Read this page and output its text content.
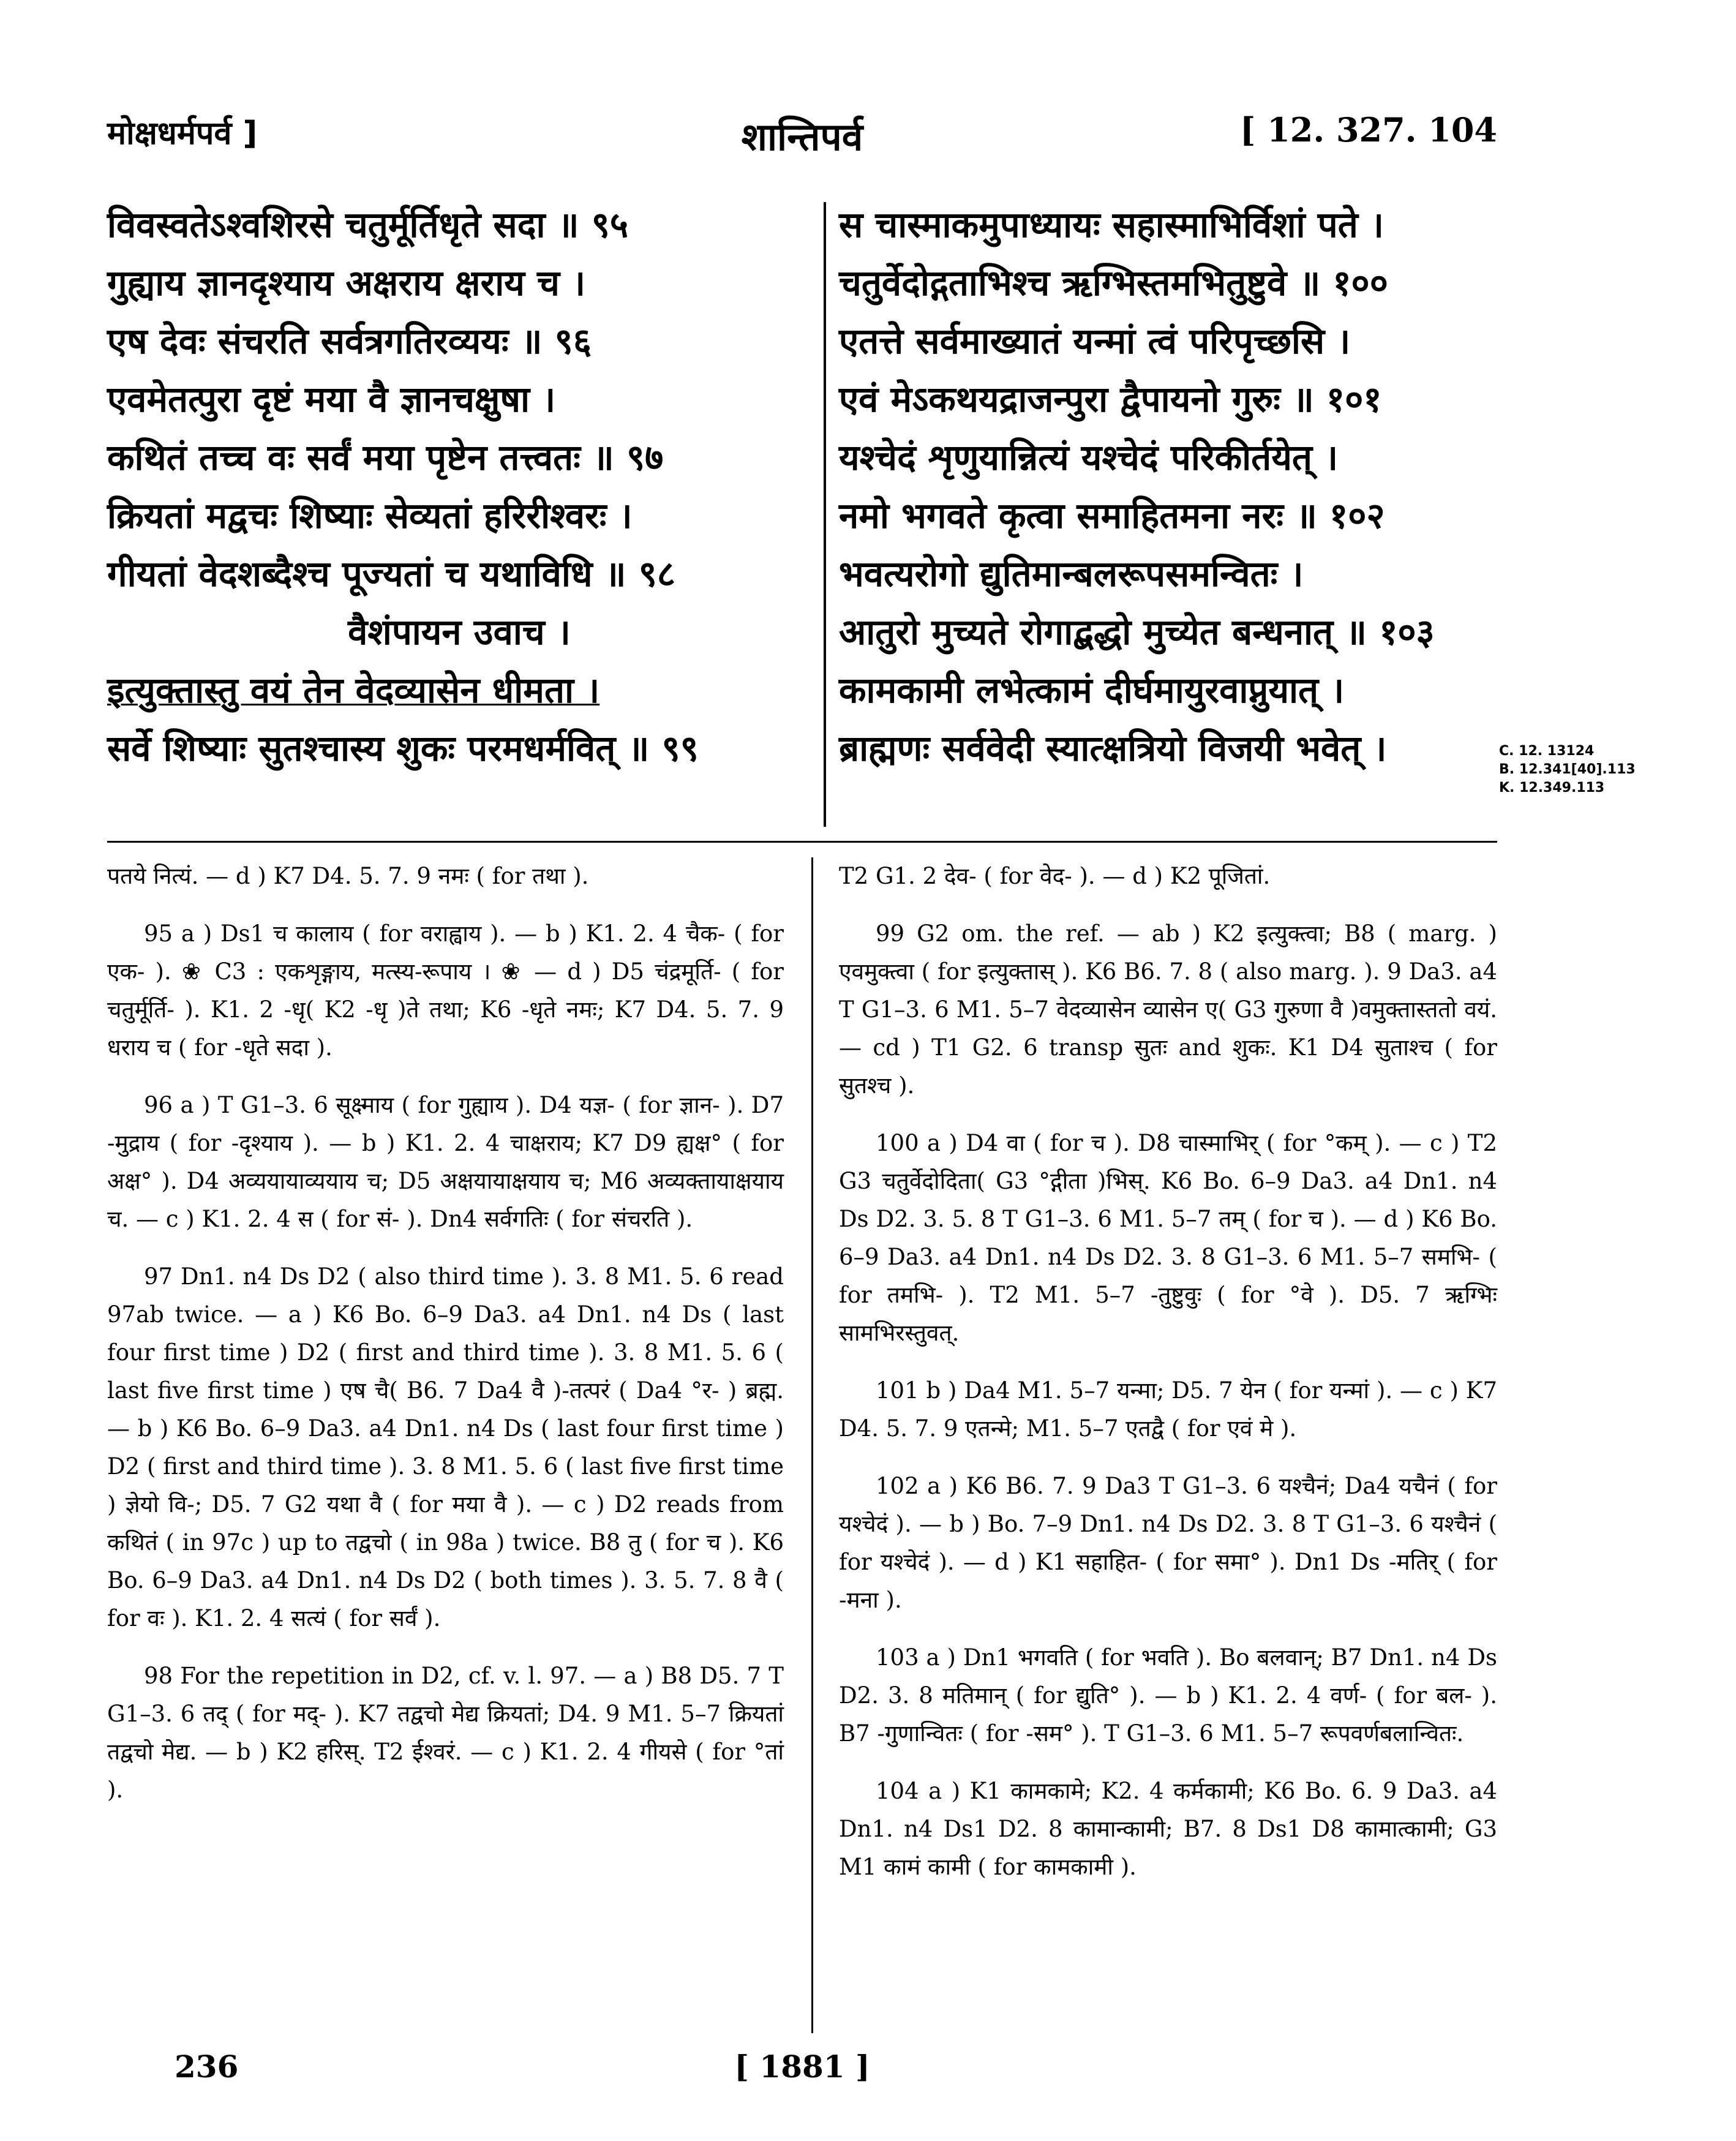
मोक्षधर्मपर्व ]	शान्तिपर्व	[ 12. 327. 104
विवस्वतेऽश्वशिरसे चतुर्मूर्तिधृते सदा ॥ ९५
गुह्याय ज्ञानदृश्याय अक्षराय क्षराय च ।
एष देवः संचरति सर्वत्रगतिरव्ययः ॥ ९६
एवमेतत्पुरा दृष्टं मया वै ज्ञानचक्षुषा ।
कथितं तच्च वः सर्वं मया पृष्टेन तत्त्वतः ॥ ९७
क्रियतां मद्वचः शिष्याः सेव्यतां हरिरीश्वरः ।
गीयतां वेदशब्दैश्च पूज्यतां च यथाविधि ॥ ९८
वैशंपायन उवाच ।
इत्युक्तास्तु वयं तेन वेदव्यासेन धीमता ।
सर्वे शिष्याः सुतश्चास्य शुकः परमधर्मवित् ॥ ९९
स चास्माकमुपाध्यायः सहास्माभिर्विशां पते ।
चतुर्वेदोद्गताभिश्च ऋग्भिस्तमभितुष्टुवे ॥ १००
एतत्ते सर्वमाख्यातं यन्मां त्वं परिपृच्छसि ।
एवं मेऽकथयद्राजन्पुरा द्वैपायनो गुरुः ॥ १०१
यश्चेदं शृणुयान्नित्यं यश्चेदं परिकीर्तयेत् ।
नमो भगवते कृत्वा समाहितमना नरः ॥ १०२
भवत्यरोगो द्युतिमान्बलरूपसमन्वितः ।
आतुरो मुच्यते रोगाद्बद्धो मुच्येत बन्धनात् ॥ १०३
कामकामी लभेत्कामं दीर्घमायुरवाप्नुयात् ।
ब्राह्मणः सर्ववेदी स्यात्क्षत्रियो विजयी भवेत् ।	C. 12. 13124
B. 12.341[40].113
K. 12.349.113

पतये नित्यं. — d ) K7 D4. 5. 7. 9 नमः ( for तथा ).

95 a ) Ds1 च कालाय ( for वराह्वाय ). — b ) K1. 2. 4 चैक- ( for एक- ). ❀ C3 : एकशृङ्गाय, मत्स्य-रूपाय । ❀ — d ) D5 चंद्रमूर्ति- ( for चतुर्मूर्ति- ). K1. 2 -धृ( K2 -धृ )ते तथा; K6 -धृते नमः; K7 D4. 5. 7. 9 धराय च ( for -धृते सदा ).

96 a ) T G1–3. 6 सूक्ष्माय ( for गुह्याय ). D4 यज्ञ- ( for ज्ञान- ). D7 -मुद्राय ( for -दृश्याय ). — b ) K1. 2. 4 चाक्षराय; K7 D9 ह्यक्ष° ( for अक्ष° ). D4 अव्ययायाव्ययाय च; D5 अक्षयायाक्षयाय च; M6 अव्यक्तायाक्षयाय च. — c ) K1. 2. 4 स ( for सं- ). Dn4 सर्वगतिः ( for संचरति ).

97 Dn1. n4 Ds D2 ( also third time ). 3. 8 M1. 5. 6 read 97ab twice. — a ) K6 Bo. 6–9 Da3. a4 Dn1. n4 Ds ( last four first time ) D2 ( first and third time ). 3. 8 M1. 5. 6 ( last five first time ) एष चै( B6. 7 Da4 वै )-तत्परं ( Da4 °र- ) ब्रह्म. — b ) K6 Bo. 6–9 Da3. a4 Dn1. n4 Ds ( last four first time ) D2 ( first and third time ). 3. 8 M1. 5. 6 ( last five first time ) ज्ञेयो वि-; D5. 7 G2 यथा वै ( for मया वै ). — c ) D2 reads from कथितं ( in 97c ) up to तद्वचो ( in 98a ) twice. B8 तु ( for च ). K6 Bo. 6–9 Da3. a4 Dn1. n4 Ds D2 ( both times ). 3. 5. 7. 8 वै ( for वः ). K1. 2. 4 सत्यं ( for सर्वं ).

98 For the repetition in D2, cf. v. l. 97. — a ) B8 D5. 7 T G1–3. 6 तद् ( for मद्- ). K7 तद्वचो मेद्य क्रियतां; D4. 9 M1. 5–7 क्रियतां तद्वचो मेद्य. — b ) K2 हरिस्. T2 ईश्वरं. — c ) K1. 2. 4 गीयसे ( for °तां ).

T2 G1. 2 देव- ( for वेद- ). — d ) K2 पूजितां.

99 G2 om. the ref. — ab ) K2 इत्युक्त्वा; B8 ( marg. ) एवमुक्त्वा ( for इत्युक्तास् ). K6 B6. 7. 8 ( also marg. ). 9 Da3. a4 T G1–3. 6 M1. 5–7 वेदव्यासेन व्यासेन ए( G3 गुरुणा वै )वमुक्तास्ततो वयं. — cd ) T1 G2. 6 transp सुतः and शुकः. K1 D4 सुताश्च ( for सुतश्च ).

100 a ) D4 वा ( for च ). D8 चास्माभिर् ( for °कम् ). — c ) T2 G3 चतुर्वेदोदिता( G3 °द्गीता )भिस्. K6 Bo. 6–9 Da3. a4 Dn1. n4 Ds D2. 3. 5. 8 T G1–3. 6 M1. 5–7 तम् ( for च ). — d ) K6 Bo. 6–9 Da3. a4 Dn1. n4 Ds D2. 3. 8 G1–3. 6 M1. 5–7 समभि- ( for तमभि- ). T2 M1. 5–7 -तुष्टुवुः ( for °वे ). D5. 7 ऋग्भिः सामभिरस्तुवत्.

101 b ) Da4 M1. 5–7 यन्मा; D5. 7 येन ( for यन्मां ). — c ) K7 D4. 5. 7. 9 एतन्मे; M1. 5–7 एतद्वै ( for एवं मे ).

102 a ) K6 B6. 7. 9 Da3 T G1–3. 6 यश्चैनं; Da4 यचैनं ( for यश्चेदं ). — b ) Bo. 7–9 Dn1. n4 Ds D2. 3. 8 T G1–3. 6 यश्चैनं ( for यश्चेदं ). — d ) K1 सहाहित- ( for समा° ). Dn1 Ds -मतिर् ( for -मना ).

103 a ) Dn1 भगवति ( for भवति ). Bo बलवान्; B7 Dn1. n4 Ds D2. 3. 8 मतिमान् ( for द्युति° ). — b ) K1. 2. 4 वर्ण- ( for बल- ). B7 -गुणान्वितः ( for -सम° ). T G1–3. 6 M1. 5–7 रूपवर्णबलान्वितः.

104 a ) K1 कामकामे; K2. 4 कर्मकामी; K6 Bo. 6. 9 Da3. a4 Dn1. n4 Ds1 D2. 8 कामान्कामी; B7. 8 Ds1 D8 कामात्कामी; G3 M1 कामं कामी ( for कामकामी ).

236	[ 1881 ]
